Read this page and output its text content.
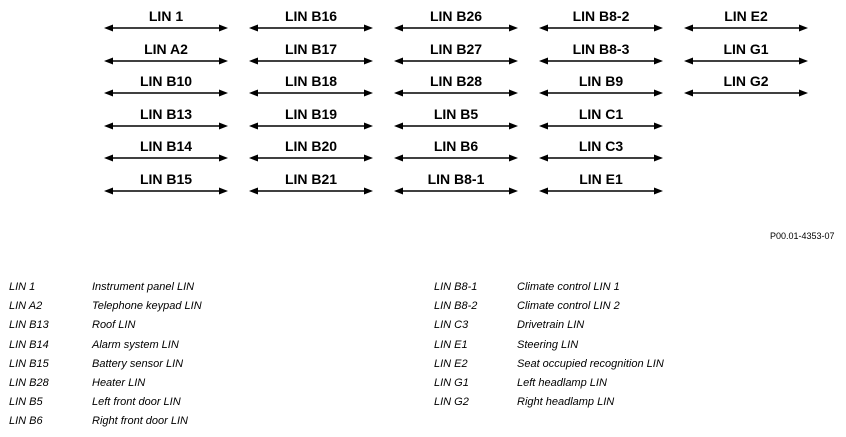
LIN 1
LIN A2
LIN B10
LIN B13
LIN B14
LIN B15
LIN B16
LIN B17
LIN B18
LIN B19
LIN B20
LIN B21
LIN B26
LIN B27
LIN B28
LIN B5
LIN B6
LIN B8-1
LIN B8-2
LIN B8-3
LIN B9
LIN C1
LIN C3
LIN E1
LIN E2
LIN G1
LIN G2
P00.01-4353-07
LIN 1	Instrument panel LIN
LIN A2	Telephone keypad LIN
LIN B13	Roof LIN
LIN B14	Alarm system LIN
LIN B15	Battery sensor LIN
LIN B28	Heater LIN
LIN B5	Left front door LIN
LIN B6	Right front door LIN
LIN B8-1	Climate control LIN 1
LIN B8-2	Climate control LIN 2
LIN C3	Drivetrain LIN
LIN E1	Steering LIN
LIN E2	Seat occupied recognition LIN
LIN G1	Left headlamp LIN
LIN G2	Right headlamp LIN
